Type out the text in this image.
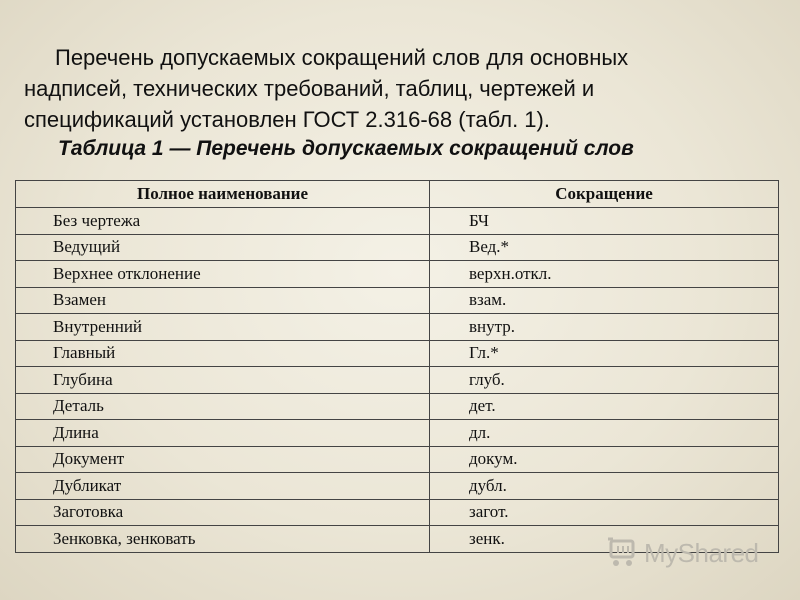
Перечень допускаемых сокращений слов для основных
надписей, технических требований, таблиц, чертежей и
спецификаций установлен ГОСТ 2.316-68 (табл. 1).

Таблица 1 — Перечень допускаемых сокращений слов

Полное наименование	Сокращение
Без чертежа	БЧ
Ведущий	Вед.*
Верхнее отклонение	верхн.откл.
Взамен	взам.
Внутренний	внутр.
Главный	Гл.*
Глубина	глуб.
Деталь	дет.
Длина	дл.
Документ	докум.
Дубликат	дубл.
Заготовка	загот.
Зенковка, зенковать	зенк.	MyShared
